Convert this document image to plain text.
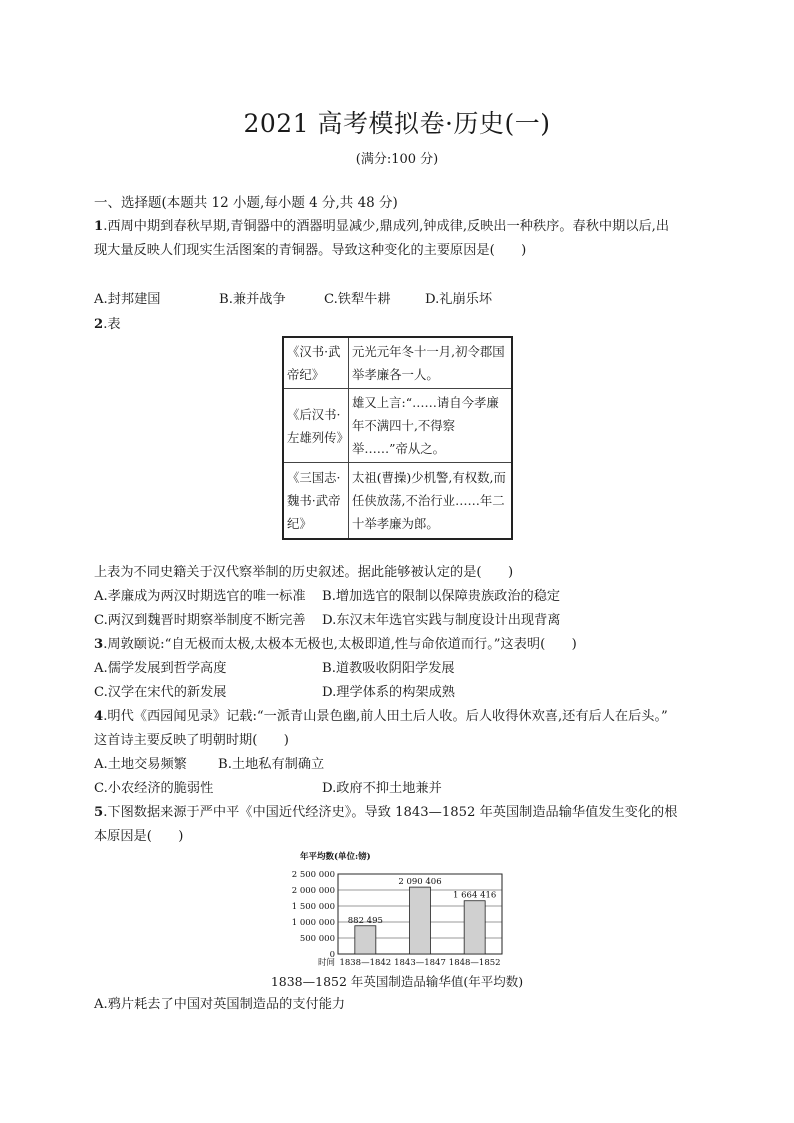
2021 高考模拟卷·历史(一)
(满分:100 分)
一、选择题(本题共 12 小题,每小题 4 分,共 48 分)
1.西周中期到春秋早期,青铜器中的酒器明显减少,鼎成列,钟成律,反映出一种秩序。春秋中期以后,出
现大量反映人们现实生活图案的青铜器。导致这种变化的主要原因是(　　)
A.封邦建国	B.兼并战争	C.铁犁牛耕	D.礼崩乐坏
2.表
《汉书·武帝纪》	元光元年冬十一月,初令郡国举孝廉各一人。
《后汉书·左雄列传》	雄又上言:“……请自今孝廉年不满四十,不得察举……”帝从之。
《三国志·魏书·武帝纪》	太祖(曹操)少机警,有权数,而任侠放荡,不治行业……年二十举孝廉为郎。
上表为不同史籍关于汉代察举制的历史叙述。据此能够被认定的是(　　)
A.孝廉成为两汉时期选官的唯一标准 B.增加选官的限制以保障贵族政治的稳定
C.两汉到魏晋时期察举制度不断完善 D.东汉末年选官实践与制度设计出现背离
3.周敦颐说:“自无极而太极,太极本无极也,太极即道,性与命依道而行。”这表明(　　)
A.儒学发展到哲学高度	B.道教吸收阴阳学发展
C.汉学在宋代的新发展	D.理学体系的构架成熟
4.明代《西园闻见录》记载:“一派青山景色幽,前人田土后人收。后人收得休欢喜,还有后人在后头。”
这首诗主要反映了明朝时期(　　)
A.土地交易频繁 B.土地私有制确立
C.小农经济的脆弱性	D.政府不抑土地兼并
5.下图数据来源于严中平《中国近代经济史》。导致 1843—1852 年英国制造品输华值发生变化的根
本原因是(　　)
0
500 000
1 000 000
1 500 000
2 000 000
2 500 000
年平均数(单位:镑)
时间
882 495
1838—1842
2 090 406
1843—1847
1 664 416
1848—1852
1838—1852 年英国制造品输华值(年平均数)
A.鸦片耗去了中国对英国制造品的支付能力
